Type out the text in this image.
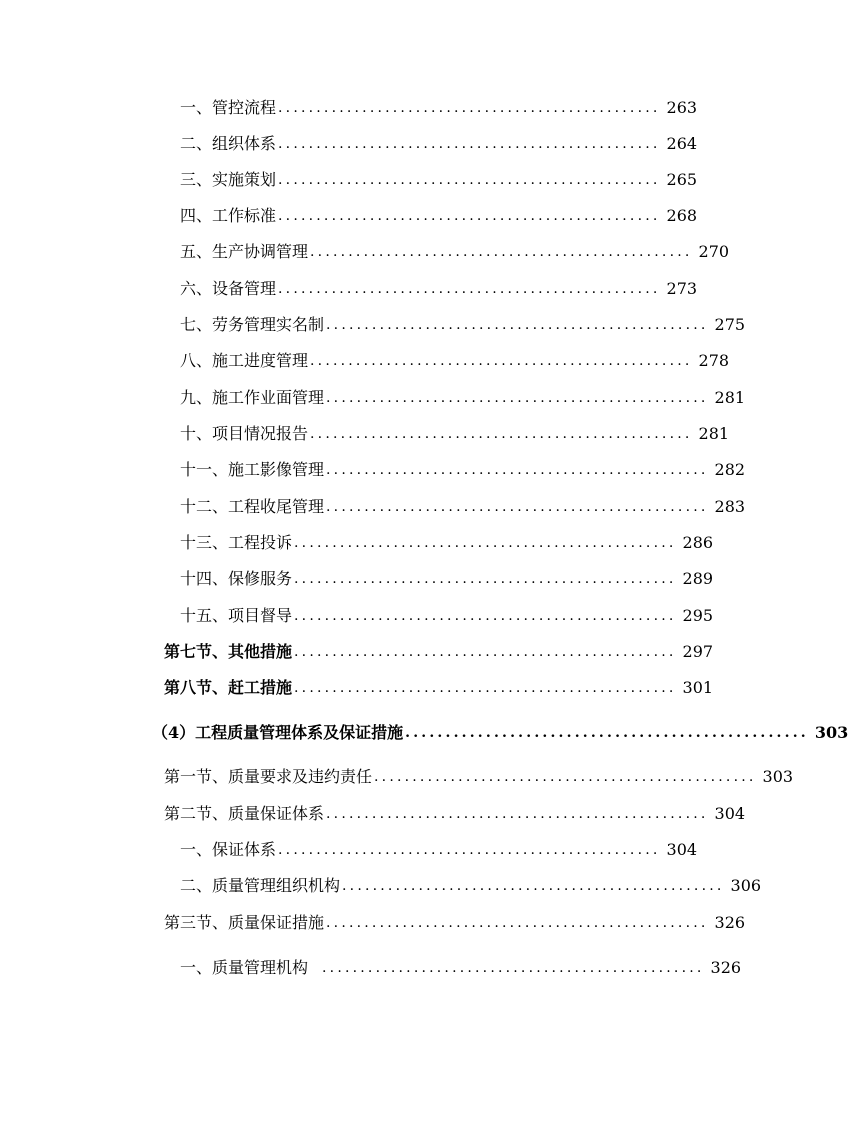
一、管控流程 .................................................. 263
二、组织体系 .................................................. 264
三、实施策划 .................................................. 265
四、工作标准 .................................................. 268
五、生产协调管理 .................................................. 270
六、设备管理 .................................................. 273
七、劳务管理实名制 .................................................. 275
八、施工进度管理 .................................................. 278
九、施工作业面管理 .................................................. 281
十、项目情况报告 .................................................. 281
十一、施工影像管理 .................................................. 282
十二、工程收尾管理 .................................................. 283
十三、工程投诉 .................................................. 286
十四、保修服务 .................................................. 289
十五、项目督导 .................................................. 295
第七节、其他措施 .................................................. 297
第八节、赶工措施 .................................................. 301
（4）工程质量管理体系及保证措施 .................................................. 303
第一节、质量要求及违约责任 .................................................. 303
第二节、质量保证体系 .................................................. 304
一、保证体系 .................................................. 304
二、质量管理组织机构 .................................................. 306
第三节、质量保证措施 .................................................. 326
一、质量管理机构	.................................................. 326
